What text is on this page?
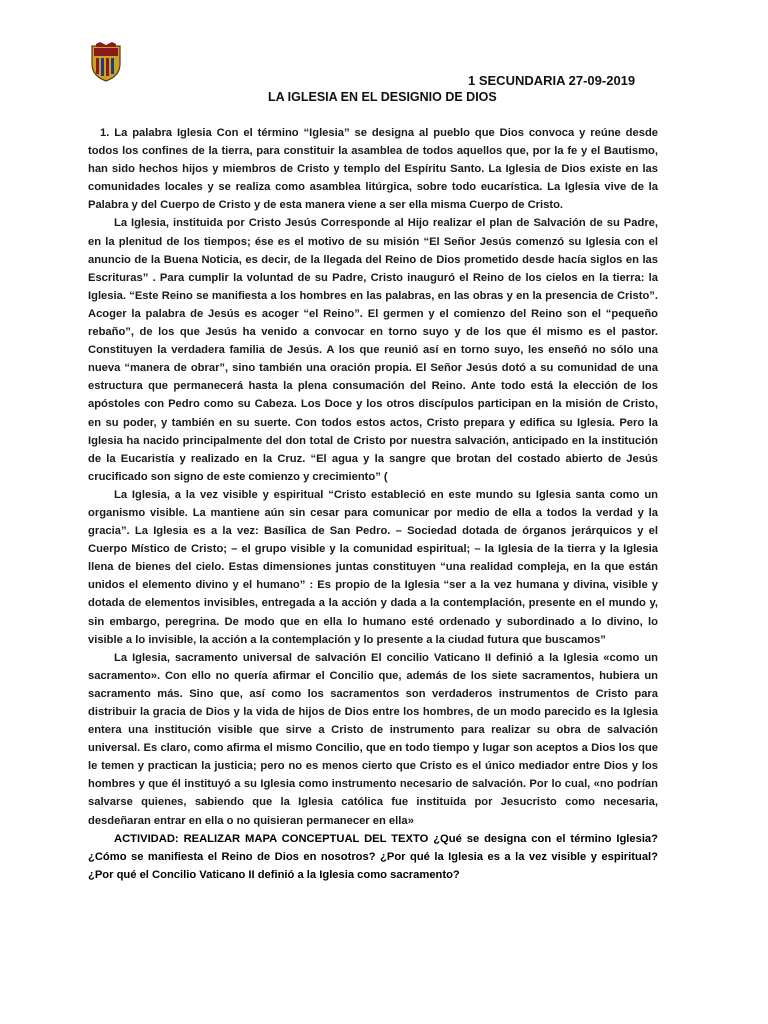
1 SECUNDARIA 27-09-2019
LA IGLESIA EN EL DESIGNIO DE DIOS

1. La palabra Iglesia Con el término “Iglesia” se designa al pueblo que Dios convoca y reúne desde todos los confines de la tierra, para constituir la asamblea de todos aquellos que, por la fe y el Bautismo, han sido hechos hijos y miembros de Cristo y templo del Espíritu Santo. La Iglesia de Dios existe en las comunidades locales y se realiza como asamblea litúrgica, sobre todo eucarística. La Iglesia vive de la Palabra y del Cuerpo de Cristo y de esta manera viene a ser ella misma Cuerpo de Cristo.

La Iglesia, instituida por Cristo Jesús Corresponde al Hijo realizar el plan de Salvación de su Padre, en la plenitud de los tiempos; ése es el motivo de su misión “El Señor Jesús comenzó su Iglesia con el anuncio de la Buena Noticia, es decir, de la llegada del Reino de Dios prometido desde hacía siglos en las Escrituras” . Para cumplir la voluntad de su Padre, Cristo inauguró el Reino de los cielos en la tierra: la Iglesia. “Este Reino se manifiesta a los hombres en las palabras, en las obras y en la presencia de Cristo”. Acoger la palabra de Jesús es acoger “el Reino”. El germen y el comienzo del Reino son el “pequeño rebaño”, de los que Jesús ha venido a convocar en torno suyo y de los que él mismo es el pastor. Constituyen la verdadera familia de Jesús. A los que reunió así en torno suyo, les enseñó no sólo una nueva “manera de obrar”, sino también una oración propia. El Señor Jesús dotó a su comunidad de una estructura que permanecerá hasta la plena consumación del Reino. Ante todo está la elección de los apóstoles con Pedro como su Cabeza. Los Doce y los otros discípulos participan en la misión de Cristo, en su poder, y también en su suerte. Con todos estos actos, Cristo prepara y edifica su Iglesia. Pero la Iglesia ha nacido principalmente del don total de Cristo por nuestra salvación, anticipado en la institución de la Eucaristía y realizado en la Cruz. “El agua y la sangre que brotan del costado abierto de Jesús crucificado son signo de este comienzo y crecimiento” (

La Iglesia, a la vez visible y espiritual “Cristo estableció en este mundo su Iglesia santa como un organismo visible. La mantiene aún sin cesar para comunicar por medio de ella a todos la verdad y la gracia”. La Iglesia es a la vez: Basílica de San Pedro. – Sociedad dotada de órganos jerárquicos y el Cuerpo Místico de Cristo; – el grupo visible y la comunidad espiritual; – la Iglesia de la tierra y la Iglesia llena de bienes del cielo. Estas dimensiones juntas constituyen “una realidad compleja, en la que están unidos el elemento divino y el humano” : Es propio de la Iglesia “ser a la vez humana y divina, visible y dotada de elementos invisibles, entregada a la acción y dada a la contemplación, presente en el mundo y, sin embargo, peregrina. De modo que en ella lo humano esté ordenado y subordinado a lo divino, lo visible a lo invisible, la acción a la contemplación y lo presente a la ciudad futura que buscamos”

La Iglesia, sacramento universal de salvación El concilio Vaticano II definió a la Iglesia «como un sacramento». Con ello no quería afirmar el Concilio que, además de los siete sacramentos, hubiera un sacramento más. Sino que, así como los sacramentos son verdaderos instrumentos de Cristo para distribuir la gracia de Dios y la vida de hijos de Dios entre los hombres, de un modo parecido es la Iglesia entera una institución visible que sirve a Cristo de instrumento para realizar su obra de salvación universal. Es claro, como afirma el mismo Concilio, que en todo tiempo y lugar son aceptos a Dios los que le temen y practican la justicia; pero no es menos cierto que Cristo es el único mediador entre Dios y los hombres y que él instituyó a su Iglesia como instrumento necesario de salvación. Por lo cual, «no podrían salvarse quienes, sabiendo que la Iglesia católica fue instituida por Jesucristo como necesaria, desdeñaran entrar en ella o no quisieran permanecer en ella»

ACTIVIDAD: REALIZAR MAPA CONCEPTUAL DEL TEXTO ¿Qué se designa con el término Iglesia? ¿Cómo se manifiesta el Reino de Dios en nosotros? ¿Por qué la Iglesia es a la vez visible y espiritual? ¿Por qué el Concilio Vaticano II definió a la Iglesia como sacramento?
